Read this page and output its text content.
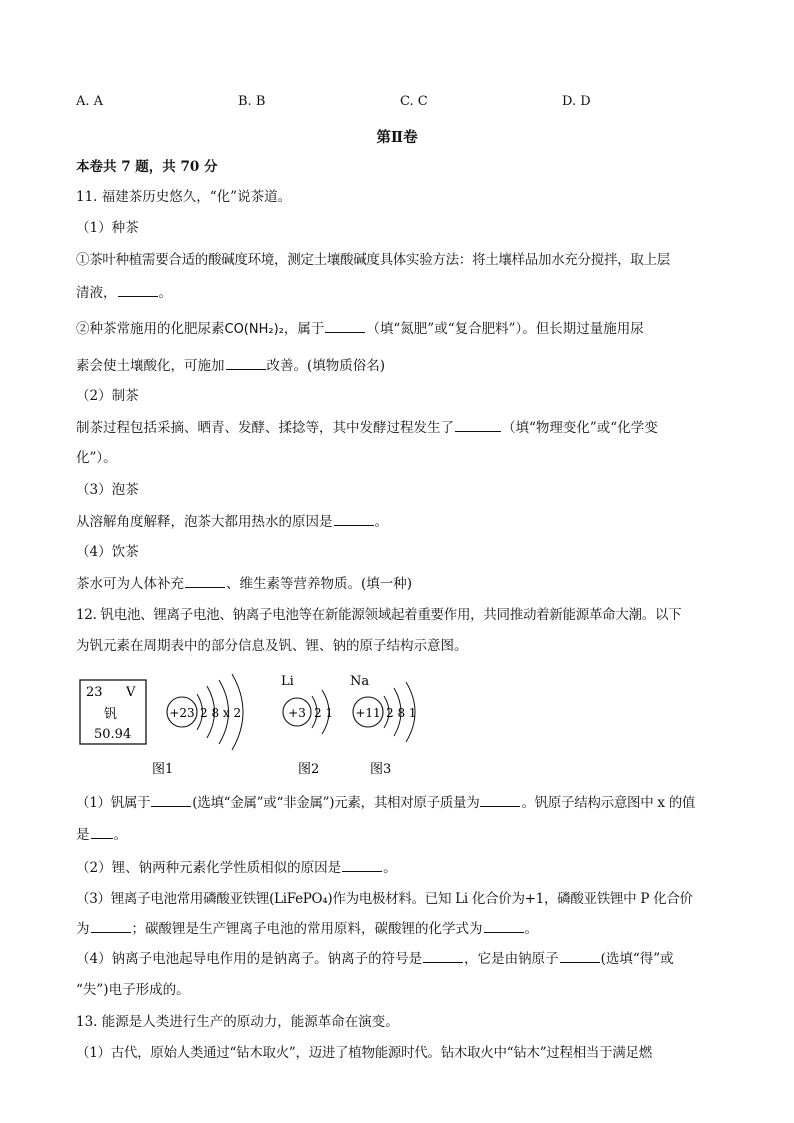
A. A	B. B	C. C	D. D
第Ⅱ卷
本卷共 7 题，共 70 分
11. 福建茶历史悠久，“化”说茶道。
（1）种茶
①茶叶种植需要合适的酸碱度环境，测定土壤酸碱度具体实验方法：将土壤样品加水充分搅拌，取上层
清液，	。
②种茶常施用的化肥尿素CO(NH₂)₂，属于	（填“氮肥”或“复合肥料”）。但长期过量施用尿
素会使土壤酸化，可施加	改善。(填物质俗名)
（2）制茶
制茶过程包括采摘、晒青、发酵、揉捻等，其中发酵过程发生了	（填“物理变化”或“化学变
化”）。
（3）泡茶
从溶解角度解释，泡茶大都用热水的原因是	。
（4）饮茶
茶水可为人体补充	、维生素等营养物质。(填一种)
12. 钒电池、锂离子电池、钠离子电池等在新能源领域起着重要作用，共同推动着新能源革命大潮。以下
为钒元素在周期表中的部分信息及钒、锂、钠的原子结构示意图。
23 V
钒
50.94
+23 2 8 x 2
Li
+3 2 1
Na
+11 2 8 1
图1	图2	图3
（1）钒属于	(选填“金属”或“非金属”)元素，其相对原子质量为	。钒原子结构示意图中 x 的值
是 。
（2）锂、钠两种元素化学性质相似的原因是	。
（3）锂离子电池常用磷酸亚铁锂(LiFePO₄)作为电极材料。已知 Li 化合价为+1，磷酸亚铁锂中 P 化合价
为	；碳酸锂是生产锂离子电池的常用原料，碳酸锂的化学式为	。
（4）钠离子电池起导电作用的是钠离子。钠离子的符号是	，它是由钠原子	(选填“得”或
“失”)电子形成的。
13. 能源是人类进行生产的原动力，能源革命在演变。
（1）古代，原始人类通过“钻木取火”，迈进了植物能源时代。钻木取火中“钻木”过程相当于满足燃
